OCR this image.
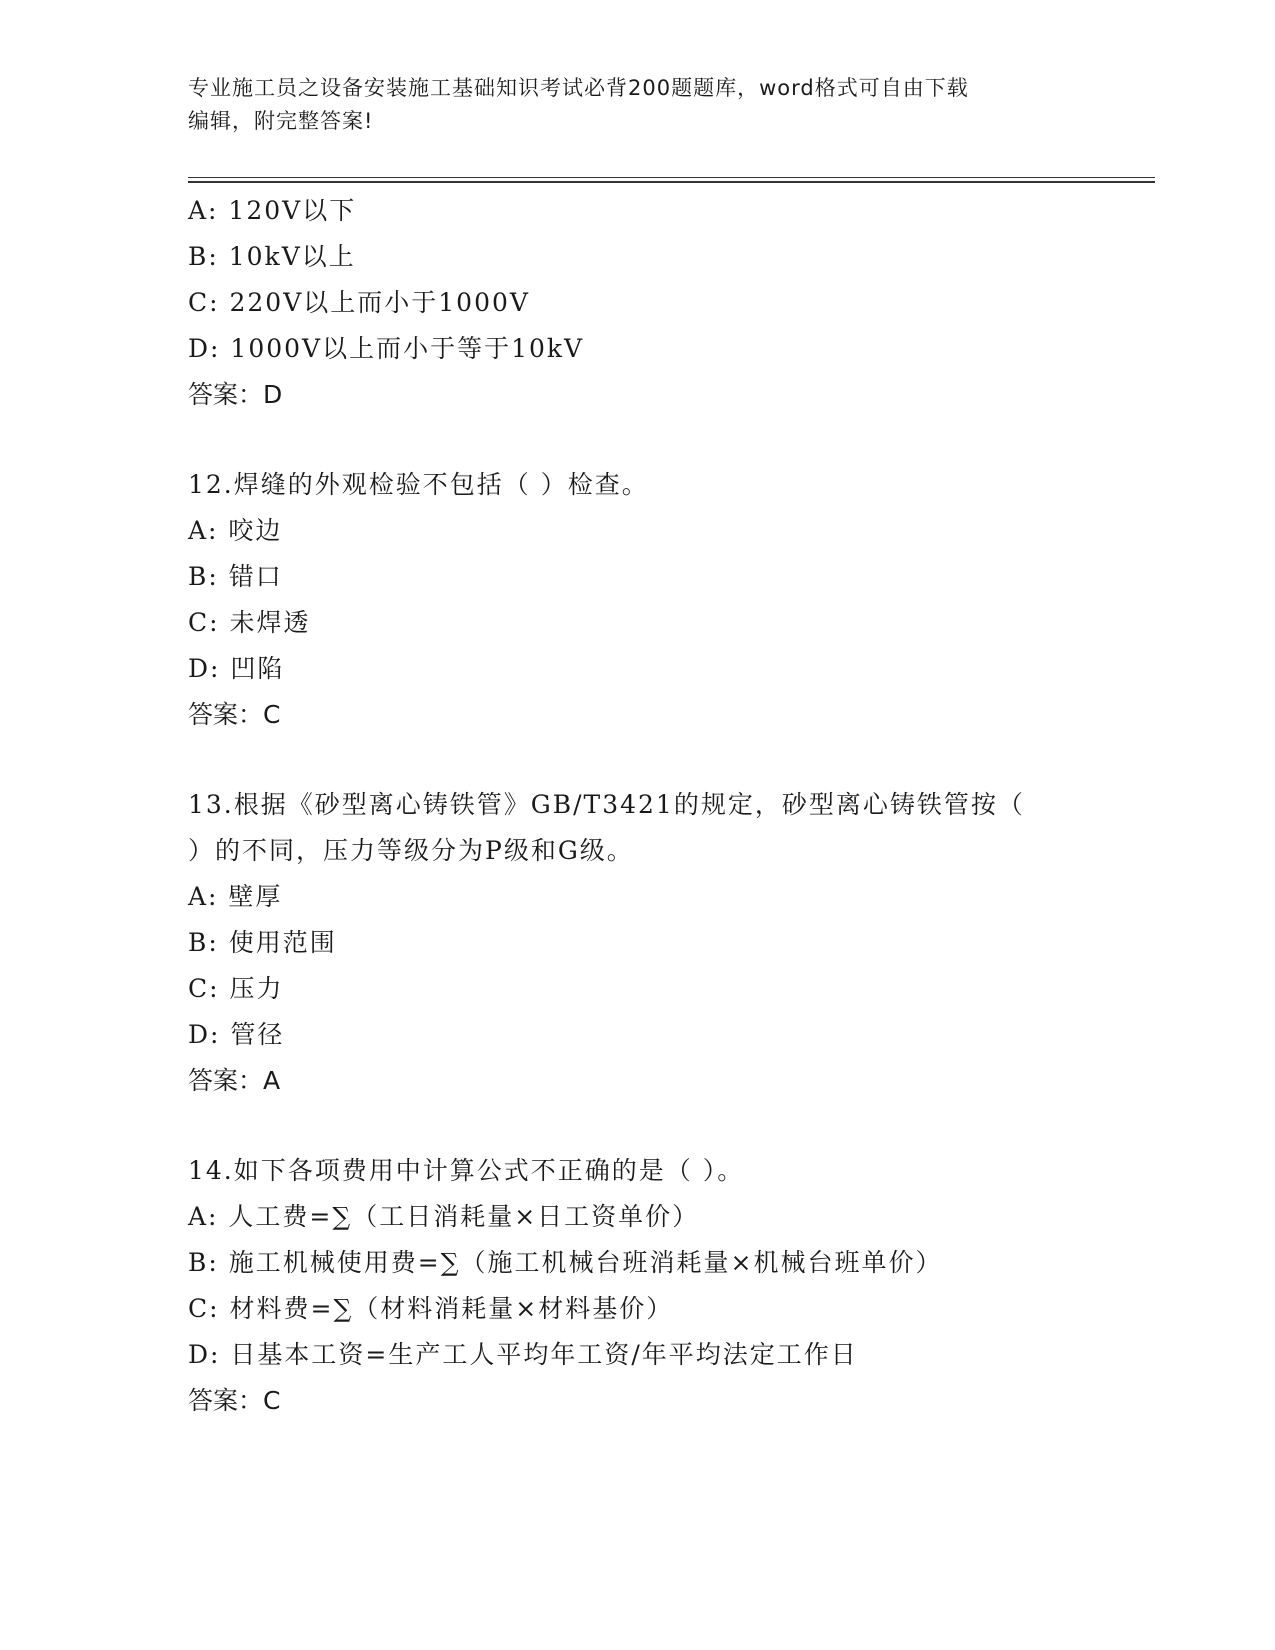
专业施工员之设备安装施工基础知识考试必背200题题库，word格式可自由下载
编辑，附完整答案!
A: 120V以下
B: 10kV以上
C: 220V以上而小于1000V
D: 1000V以上而小于等于10kV
答案：D
12.焊缝的外观检验不包括（ ）检查。
A: 咬边
B: 错口
C: 未焊透
D: 凹陷
答案：C
13.根据《砂型离心铸铁管》GB/T3421的规定，砂型离心铸铁管按（
）的不同，压力等级分为P级和G级。
A: 壁厚
B: 使用范围
C: 压力
D: 管径
答案：A
14.如下各项费用中计算公式不正确的是（ ）。
A: 人工费=∑（工日消耗量×日工资单价）
B: 施工机械使用费=∑（施工机械台班消耗量×机械台班单价）
C: 材料费=∑（材料消耗量×材料基价）
D: 日基本工资=生产工人平均年工资/年平均法定工作日
答案：C
